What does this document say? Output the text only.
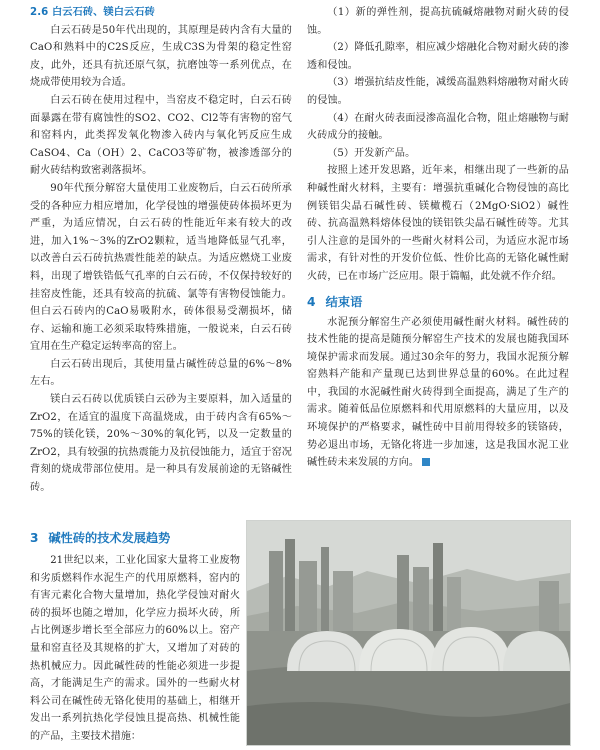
2.6 白云石砖、镁白云石砖

白云石砖是50年代出现的，其原理是砖内含有大量的CaO和熟料中的C2S反应，生成C3S为骨架的稳定性窑皮，此外，还具有抗还原气氛，抗磨蚀等一系列优点，在烧成带使用较为合适。

白云石砖在使用过程中，当窑皮不稳定时，白云石砖面暴露在带有腐蚀性的SO2、CO2、Cl2等有害物的窑气和窑料内，此类挥发氧化物渗入砖内与氧化钙反应生成CaSO4、Ca（OH）2、CaCO3等矿物，被渗透部分的耐火砖结构致密剥落损坏。

90年代预分解窑大量使用工业废物后，白云石砖所承受的各种应力相应增加，化学侵蚀的增强使砖体损坏更为严重，为适应情况，白云石砖的性能近年来有较大的改进，加入1%～3%的ZrO2颗粒，适当地降低显气孔率，以改善白云石砖抗热震性能差的缺点。为适应燃烧工业废料，出现了增铁锆低气孔率的白云石砖，不仅保持较好的挂窑皮性能，还具有较高的抗硫、氯等有害物侵蚀能力。但白云石砖内的CaO易吸附水，砖体很易受潮损坏，储存、运输和施工必须采取特殊措施，一般说来，白云石砖宜用在生产稳定运转率高的窑上。

白云石砖出现后，其使用量占碱性砖总量的6%～8%左右。

镁白云石砖以优质镁白云砂为主要原料，加入适量的ZrO2，在适宜的温度下高温烧成，由于砖内含有65%～75%的镁化镁，20%～30%的氧化钙，以及一定数量的ZrO2，具有较强的抗热震能力及抗侵蚀能力，适宜于窑况背刻的烧成带部位使用。是一种具有发展前途的无铬碱性砖。

（1）新的弹性剂，提高抗硫碱熔融物对耐火砖的侵蚀。

（2）降低孔隙率，相应减少熔融化合物对耐火砖的渗透和侵蚀。

（3）增强抗结皮性能，减缓高温熟料熔融物对耐火砖的侵蚀。

（4）在耐火砖表面浸渗高温化合物，阻止熔融物与耐火砖成分的接触。

（5）开发新产品。

按照上述开发思路，近年来，相继出现了一些新的品种碱性耐火材料，主要有：增强抗重碱化合物侵蚀的高比例镁铝尖晶石碱性砖、镁橄榄石（2MgO·SiO2）碱性砖、抗高温熟料熔体侵蚀的镁铝铁尖晶石碱性砖等。尤其引人注意的是国外的一些耐火材料公司，为适应水泥市场需求，有针对性的开发价位低、性价比高的无铬化碱性耐火砖，已在市场广泛应用。限于篇幅，此处就不作介绍。

4 结束语

水泥预分解窑生产必须使用碱性耐火材料。碱性砖的技术性能的提高是随预分解窑生产技术的发展也随我国环境保护需求而发展。通过30余年的努力，我国水泥预分解窑熟料产能和产量现已达到世界总量的60%。在此过程中，我国的水泥碱性耐火砖得到全面提高，满足了生产的需求。随着低品位原燃料和代用原燃料的大量应用，以及环境保护的严格要求，碱性砖中目前用得较多的镁铬砖，势必退出市场，无铬化将进一步加速，这是我国水泥工业碱性砖未来发展的方向。

3 碱性砖的技术发展趋势

21世纪以来，工业化国家大量将工业废物和劣质燃料作水泥生产的代用原燃料，窑内的有害元素化合物大量增加，热化学侵蚀对耐火砖的损坏也随之增加，化学应力损坏火砖，所占比例逐步增长至全部应力的60%以上。窑产量和窑直径及其规格的扩大，又增加了对砖的热机械应力。因此碱性砖的性能必须进一步提高，才能满足生产的需求。国外的一些耐火材料公司在碱性砖无铬化使用的基础上，相继开发出一系列抗热化学侵蚀且提高热、机械性能的产品，主要技术措施：
